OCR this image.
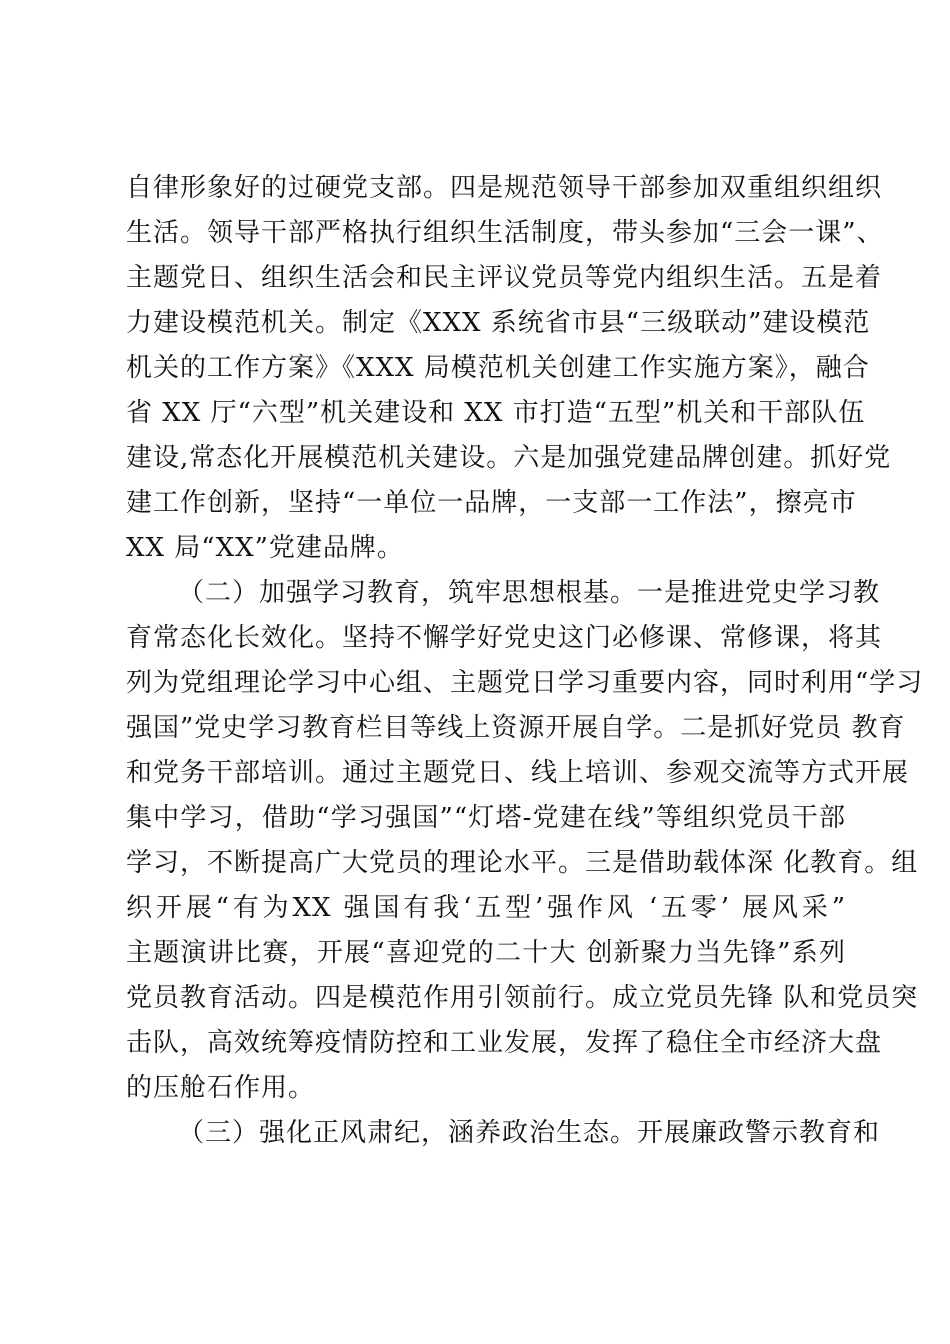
自律形象好的过硬党支部。四是规范领导干部参加双重组织组织
生活。领导干部严格执行组织生活制度，带头参加“三会一课”、
主题党日、组织生活会和民主评议党员等党内组织生活。五是着
力建设模范机关。制定《XXX 系统省市县“三级联动”建设模范
机关的工作方案》《XXX 局模范机关创建工作实施方案》，融合
省 XX 厅“六型”机关建设和 XX 市打造“五型”机关和干部队伍
建设,常态化开展模范机关建设。六是加强党建品牌创建。抓好党
建工作创新，坚持“一单位一品牌，一支部一工作法”，擦亮市
XX 局“XX”党建品牌。
（二）加强学习教育，筑牢思想根基。一是推进党史学习教
育常态化长效化。坚持不懈学好党史这门必修课、常修课，将其
列为党组理论学习中心组、主题党日学习重要内容，同时利用“学习
强国”党史学习教育栏目等线上资源开展自学。二是抓好党员 教育
和党务干部培训。通过主题党日、线上培训、参观交流等方式开展
集中学习，借助“学习强国”“灯塔-党建在线”等组织党员干部
学习，不断提高广大党员的理论水平。三是借助载体深 化教育。组
织开展“有为XX 强国有我‘五型’强作风 ‘五零’ 展风采”
主题演讲比赛，开展“喜迎党的二十大 创新聚力当先锋”系列
党员教育活动。四是模范作用引领前行。成立党员先锋 队和党员突
击队，高效统筹疫情防控和工业发展，发挥了稳住全市经济大盘
的压舱石作用。
（三）强化正风肃纪，涵养政治生态。开展廉政警示教育和
